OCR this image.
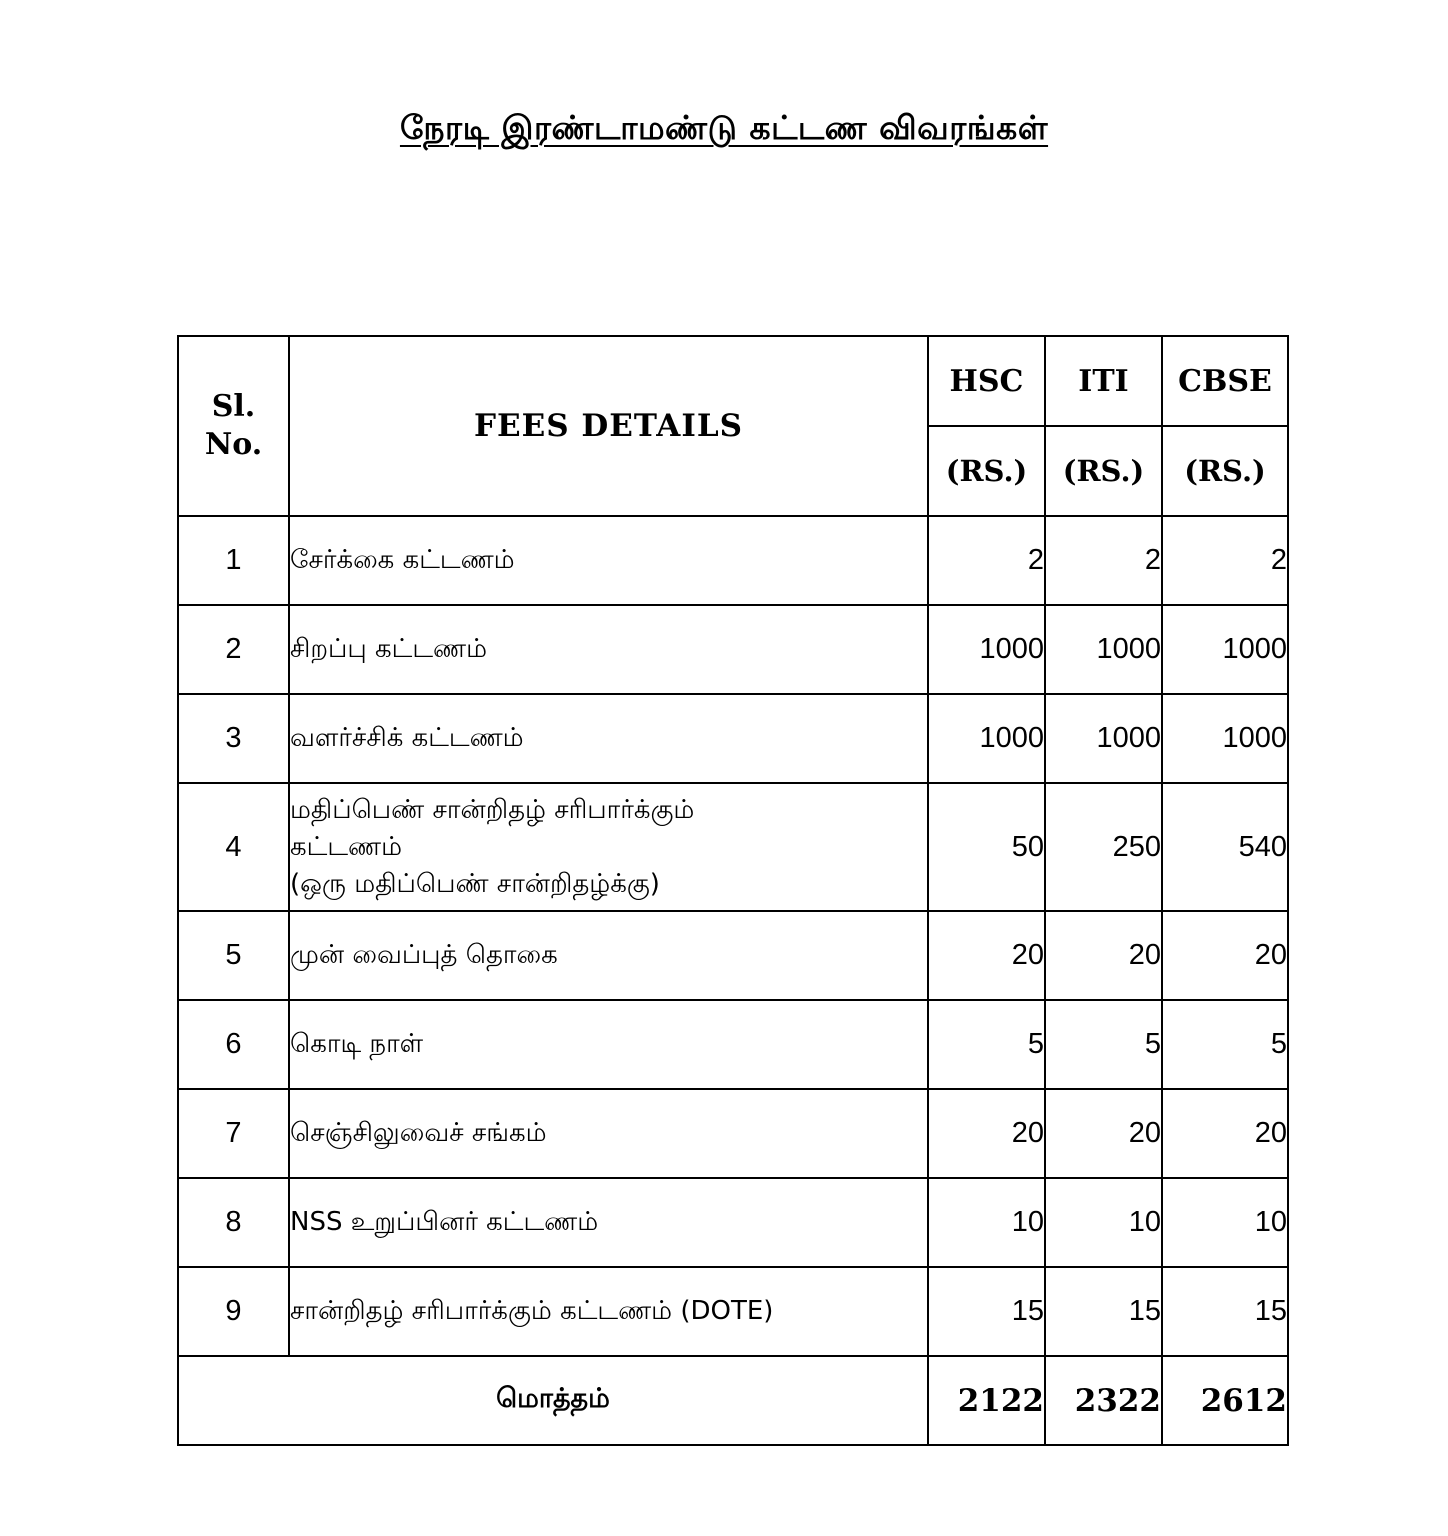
நேரடி இரண்டாமண்டு கட்டண விவரங்கள்
Sl.
No.	FEES DETAILS	HSC	ITI	CBSE
		(RS.)	(RS.)	(RS.)
1	சேர்க்கை கட்டணம்	2	2	2
2	சிறப்பு கட்டணம்	1000	1000	1000
3	வளர்ச்சிக் கட்டணம்	1000	1000	1000
4	மதிப்பெண் சான்றிதழ் சரிபார்க்கும்
கட்டணம்
(ஒரு மதிப்பெண் சான்றிதழ்க்கு)	50	250	540
5	முன் வைப்புத் தொகை	20	20	20
6	கொடி நாள்	5	5	5
7	செஞ்சிலுவைச் சங்கம்	20	20	20
8	NSS உறுப்பினர் கட்டணம்	10	10	10
9	சான்றிதழ் சரிபார்க்கும் கட்டணம் (DOTE)	15	15	15
மொத்தம்		2122	2322	2612
